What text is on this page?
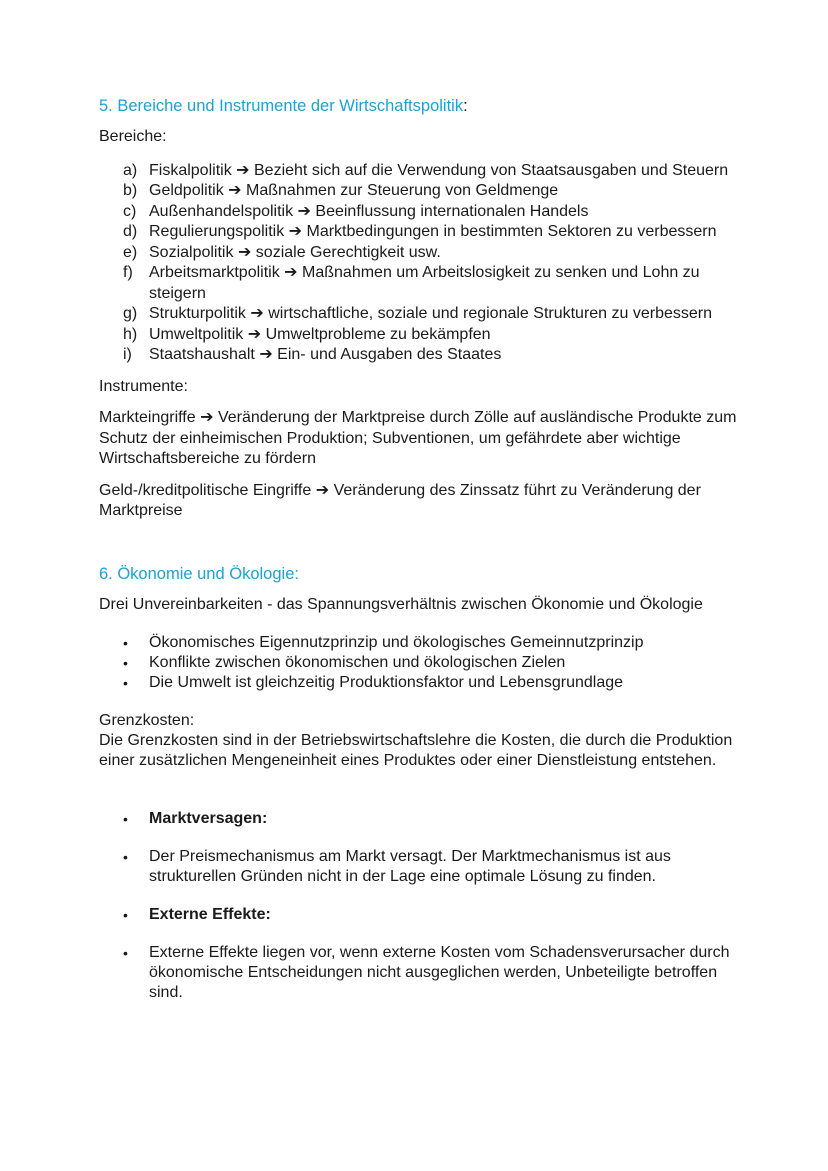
5. Bereiche und Instrumente der Wirtschaftspolitik:

Bereiche:

a) Fiskalpolitik ➔ Bezieht sich auf die Verwendung von Staatsausgaben und Steuern
b) Geldpolitik ➔ Maßnahmen zur Steuerung von Geldmenge
c) Außenhandelspolitik ➔ Beeinflussung internationalen Handels
d) Regulierungspolitik ➔ Marktbedingungen in bestimmten Sektoren zu verbessern
e) Sozialpolitik ➔ soziale Gerechtigkeit usw.
f) Arbeitsmarktpolitik ➔ Maßnahmen um Arbeitslosigkeit zu senken und Lohn zu steigern
g) Strukturpolitik ➔ wirtschaftliche, soziale und regionale Strukturen zu verbessern
h) Umweltpolitik ➔ Umweltprobleme zu bekämpfen
i) Staatshaushalt ➔ Ein- und Ausgaben des Staates

Instrumente:

Markteingriffe ➔ Veränderung der Marktpreise durch Zölle auf ausländische Produkte zum Schutz der einheimischen Produktion; Subventionen, um gefährdete aber wichtige Wirtschaftsbereiche zu fördern

Geld-/kreditpolitische Eingriffe ➔ Veränderung des Zinssatz führt zu Veränderung der Marktpreise

6. Ökonomie und Ökologie:

Drei Unvereinbarkeiten - das Spannungsverhältnis zwischen Ökonomie und Ökologie

• Ökonomisches Eigennutzprinzip und ökologisches Gemeinnutzprinzip
• Konflikte zwischen ökonomischen und ökologischen Zielen
• Die Umwelt ist gleichzeitig Produktionsfaktor und Lebensgrundlage

Grenzkosten:

Die Grenzkosten sind in der Betriebswirtschaftslehre die Kosten, die durch die Produktion einer zusätzlichen Mengeneinheit eines Produktes oder einer Dienstleistung entstehen.

• Marktversagen:
• Der Preismechanismus am Markt versagt. Der Marktmechanismus ist aus strukturellen Gründen nicht in der Lage eine optimale Lösung zu finden.
• Externe Effekte:
• Externe Effekte liegen vor, wenn externe Kosten vom Schadensverursacher durch ökonomische Entscheidungen nicht ausgeglichen werden, Unbeteiligte betroffen sind.
